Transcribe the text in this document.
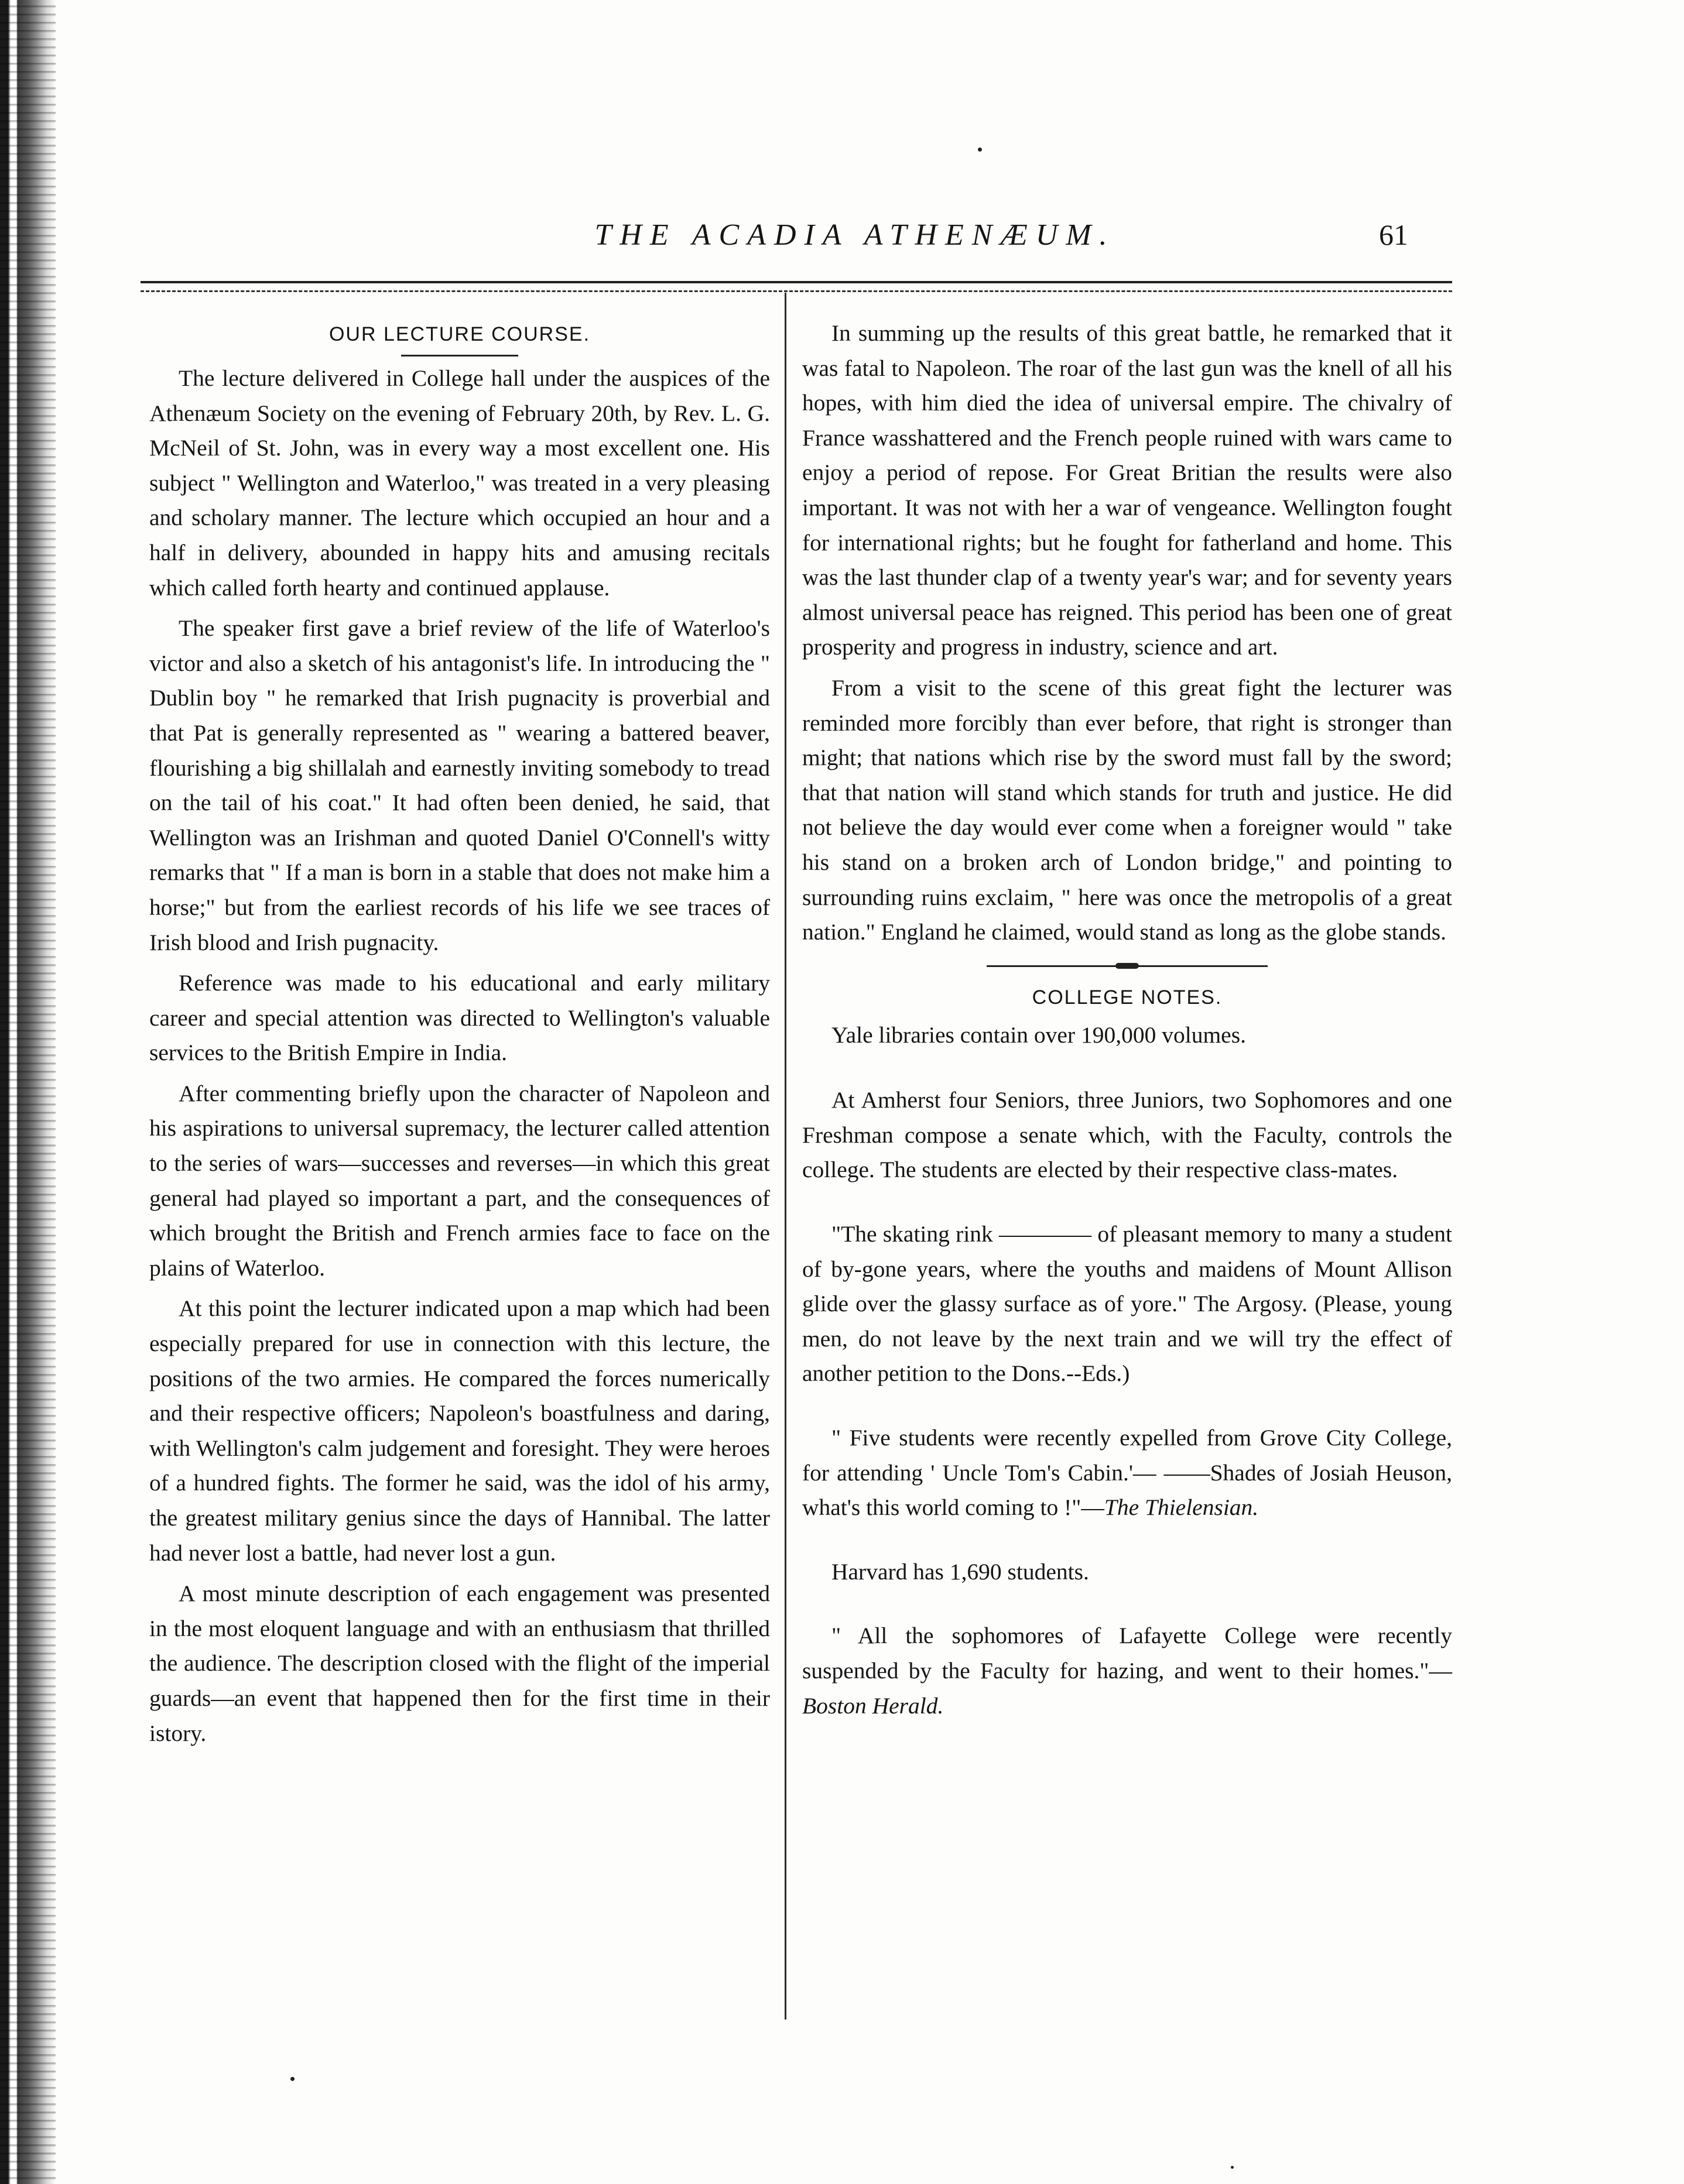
THE ACADIA ATHENÆUM.	61
OUR LECTURE COURSE.

The lecture delivered in College hall under the auspices of the Athenæum Society on the evening of February 20th, by Rev. L. G. McNeil of St. John, was in every way a most excellent one. His subject " Wellington and Waterloo," was treated in a very pleasing and scholary manner. The lecture which occupied an hour and a half in delivery, abounded in happy hits and amusing recitals which called forth hearty and continued applause.

The speaker first gave a brief review of the life of Waterloo's victor and also a sketch of his antagonist's life. In introducing the " Dublin boy " he remarked that Irish pugnacity is proverbial and that Pat is generally represented as " wearing a battered beaver, flourishing a big shillalah and earnestly inviting somebody to tread on the tail of his coat." It had often been denied, he said, that Wellington was an Irishman and quoted Daniel O'Connell's witty remarks that " If a man is born in a stable that does not make him a horse;" but from the earliest records of his life we see traces of Irish blood and Irish pugnacity.

Reference was made to his educational and early military career and special attention was directed to Wellington's valuable services to the British Empire in India.

After commenting briefly upon the character of Napoleon and his aspirations to universal supremacy, the lecturer called attention to the series of wars—successes and reverses—in which this great general had played so important a part, and the consequences of which brought the British and French armies face to face on the plains of Waterloo.

At this point the lecturer indicated upon a map which had been especially prepared for use in connection with this lecture, the positions of the two armies. He compared the forces numerically and their respective officers; Napoleon's boastfulness and daring, with Wellington's calm judgement and foresight. They were heroes of a hundred fights. The former he said, was the idol of his army, the greatest military genius since the days of Hannibal. The latter had never lost a battle, had never lost a gun.

A most minute description of each engagement was presented in the most eloquent language and with an enthusiasm that thrilled the audience. The description closed with the flight of the imperial guards—an event that happened then for the first time in their istory.

In summing up the results of this great battle, he remarked that it was fatal to Napoleon. The roar of the last gun was the knell of all his hopes, with him died the idea of universal empire. The chivalry of France wasshattered and the French people ruined with wars came to enjoy a period of repose. For Great Britian the results were also important. It was not with her a war of vengeance. Wellington fought for international rights; but he fought for fatherland and home. This was the last thunder clap of a twenty year's war; and for seventy years almost universal peace has reigned. This period has been one of great prosperity and progress in industry, science and art.

From a visit to the scene of this great fight the lecturer was reminded more forcibly than ever before, that right is stronger than might; that nations which rise by the sword must fall by the sword; that that nation will stand which stands for truth and justice. He did not believe the day would ever come when a foreigner would " take his stand on a broken arch of London bridge," and pointing to surrounding ruins exclaim, " here was once the metropolis of a great nation." England he claimed, would stand as long as the globe stands.

COLLEGE NOTES.

Yale libraries contain over 190,000 volumes.

At Amherst four Seniors, three Juniors, two Sophomores and one Freshman compose a senate which, with the Faculty, controls the college. The students are elected by their respective class-mates.

"The skating rink ———— of pleasant memory to many a student of by-gone years, where the youths and maidens of Mount Allison glide over the glassy surface as of yore." The Argosy. (Please, young men, do not leave by the next train and we will try the effect of another petition to the Dons.--Eds.)

" Five students were recently expelled from Grove City College, for attending ' Uncle Tom's Cabin.'— ——Shades of Josiah Heuson, what's this world coming to !"—The Thielensian.

Harvard has 1,690 students.

" All the sophomores of Lafayette College were recently suspended by the Faculty for hazing, and went to their homes."—Boston Herald.
